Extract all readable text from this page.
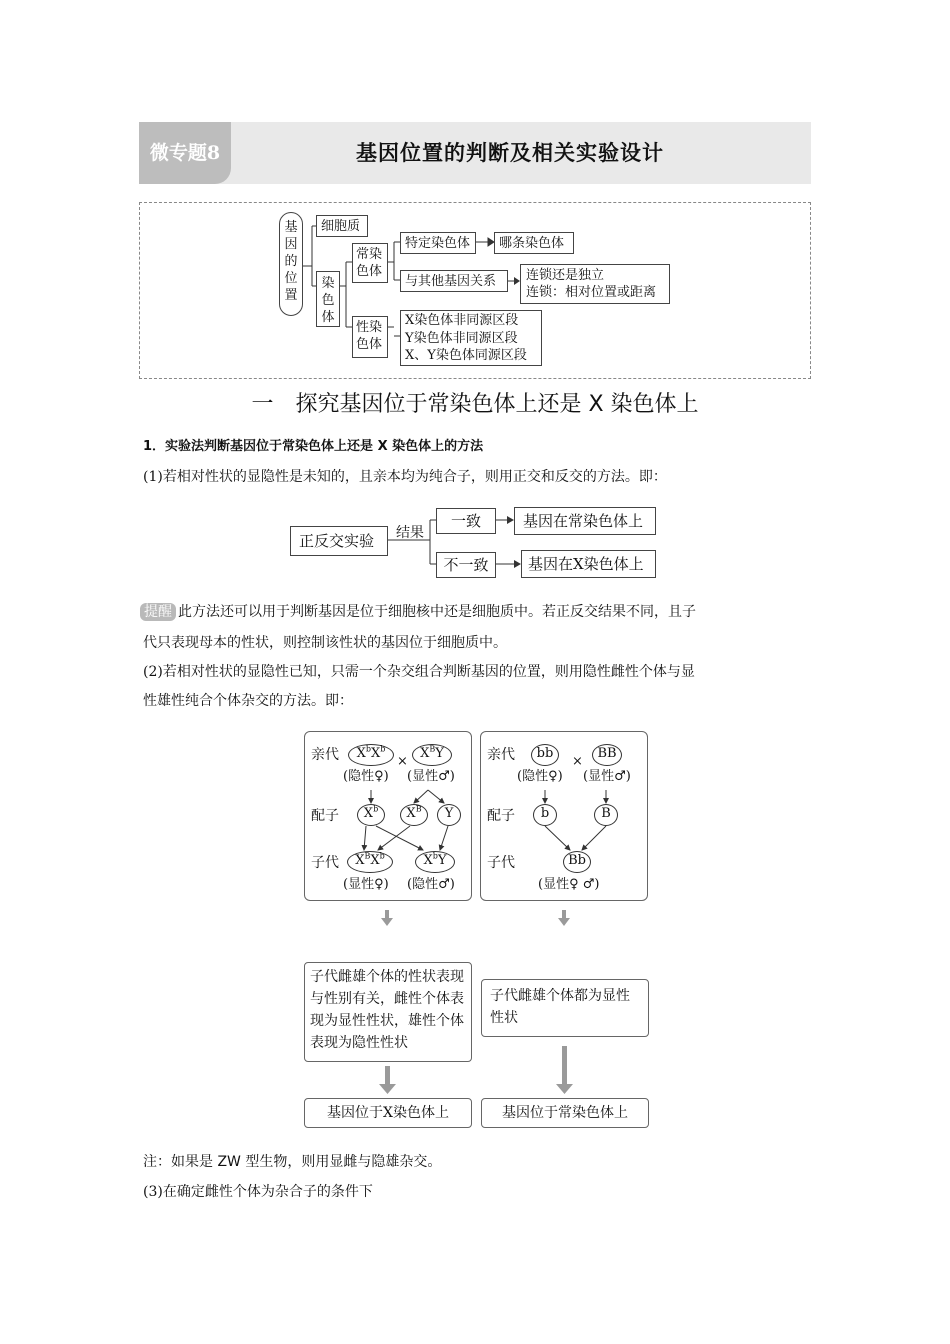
微专题8	基因位置的判断及相关实验设计
基
因
的
位
置
细胞质
染
色
体
常染
色体
特定染色体	哪条染色体
与其他基因关系	连锁还是独立
连锁：相对位置或距离
性染
色体
X染色体非同源区段
Y染色体非同源区段
X、Y染色体同源区段
一　探究基因位于常染色体上还是 X 染色体上
1．实验法判断基因位于常染色体上还是 X 染色体上的方法
(1)若相对性状的显隐性是未知的，且亲本均为纯合子，则用正交和反交的方法。即：
正反交实验	结果
一致	基因在常染色体上
不一致	基因在X染色体上
提醒 此方法还可以用于判断基因是位于细胞核中还是细胞质中。若正反交结果不同，且子
代只表现母本的性状，则控制该性状的基因位于细胞质中。
(2)若相对性状的显隐性已知，只需一个杂交组合判断基因的位置，则用隐性雌性个体与显
性雄性纯合个体杂交的方法。即：
亲代	$X^bX^b$
×
$X^BY$
(隐性♀) (显性♂)
配子	$X^b$	$X^B$	Y
子代	$X^BX^b$	$X^bY$
(显性♀) (隐性♂)
亲代	bb
×
BB
(隐性♀) (显性♂)
配子	b	B
子代	Bb
(显性♀ ♂)
子代雌雄个体的性状表现与性别有关，雌性个体表现为显性性状，雄性个体表现为隐性性状
子代雌雄个体都为显性性状
基因位于X染色体上	基因位于常染色体上
注：如果是 ZW 型生物，则用显雌与隐雄杂交。
(3)在确定雌性个体为杂合子的条件下
